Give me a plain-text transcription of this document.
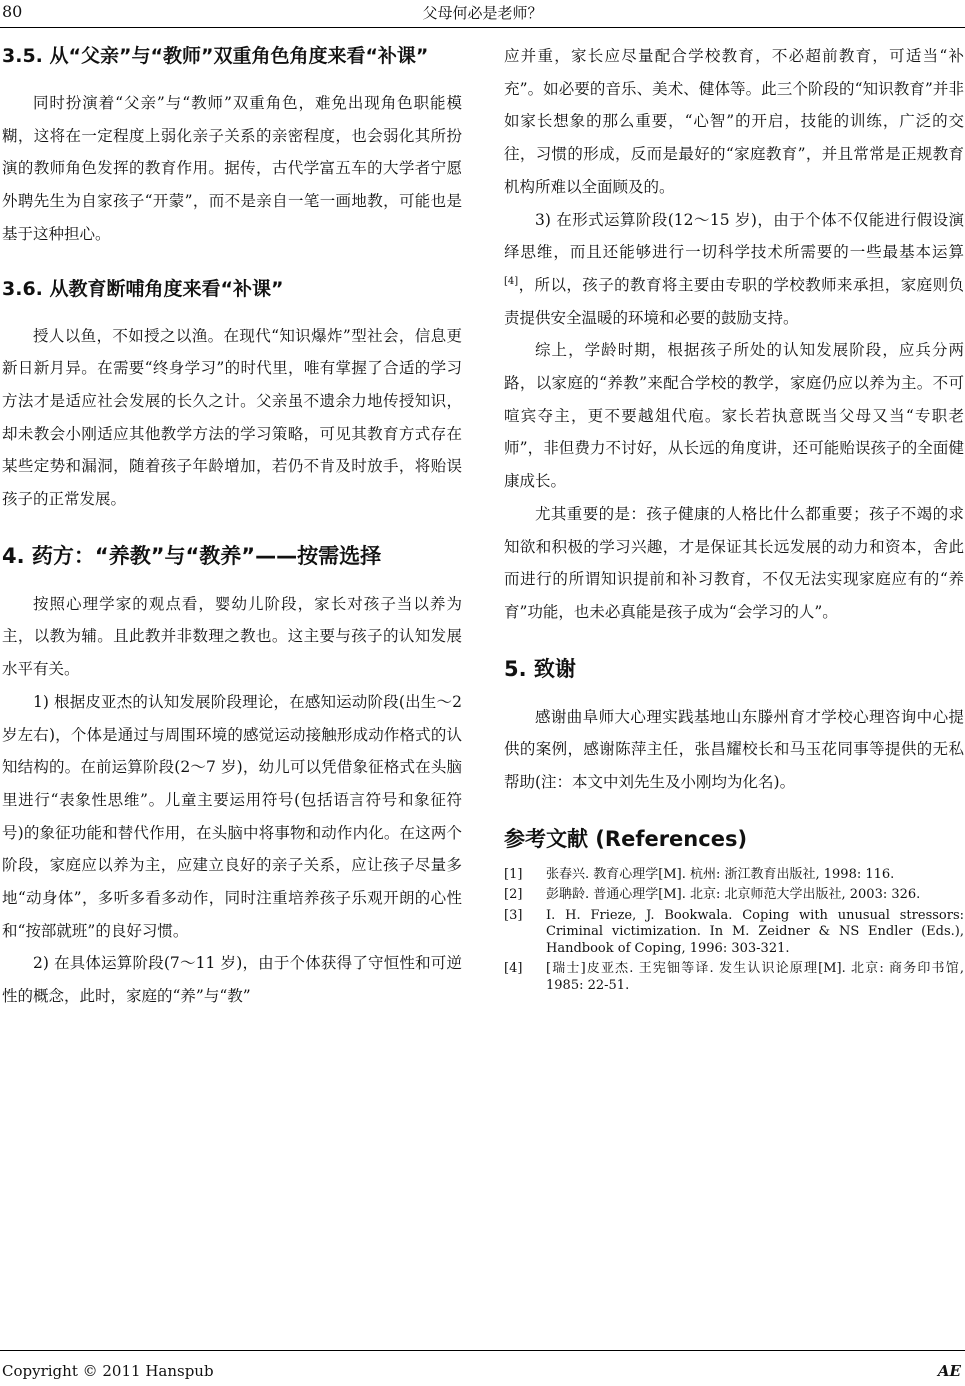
80	父母何必是老师？
3.5. 从“父亲”与“教师”双重角色角度来看“补课”

同时扮演着“父亲”与“教师”双重角色，难免出现角色职能模糊，这将在一定程度上弱化亲子关系的亲密程度，也会弱化其所扮演的教师角色发挥的教育作用。据传，古代学富五车的大学者宁愿外聘先生为自家孩子“开蒙”，而不是亲自一笔一画地教，可能也是基于这种担心。

3.6. 从教育断哺角度来看“补课”

授人以鱼，不如授之以渔。在现代“知识爆炸”型社会，信息更新日新月异。在需要“终身学习”的时代里，唯有掌握了合适的学习方法才是适应社会发展的长久之计。父亲虽不遗余力地传授知识，却未教会小刚适应其他教学方法的学习策略，可见其教育方式存在某些定势和漏洞，随着孩子年龄增加，若仍不肯及时放手，将贻误孩子的正常发展。

4. 药方：“养教”与“教养”——按需选择

按照心理学家的观点看，婴幼儿阶段，家长对孩子当以养为主，以教为辅。且此教并非数理之教也。这主要与孩子的认知发展水平有关。

1) 根据皮亚杰的认知发展阶段理论，在感知运动阶段(出生～2 岁左右)，个体是通过与周围环境的感觉运动接触形成动作格式的认知结构的。在前运算阶段(2～7 岁)，幼儿可以凭借象征格式在头脑里进行“表象性思维”。儿童主要运用符号(包括语言符号和象征符号)的象征功能和替代作用，在头脑中将事物和动作内化。在这两个阶段，家庭应以养为主，应建立良好的亲子关系，应让孩子尽量多地“动身体”，多听多看多动作，同时注重培养孩子乐观开朗的心性和“按部就班”的良好习惯。

2) 在具体运算阶段(7～11 岁)，由于个体获得了守恒性和可逆性的概念，此时，家庭的“养”与“教”

应并重，家长应尽量配合学校教育，不必超前教育，可适当“补充”。如必要的音乐、美术、健体等。此三个阶段的“知识教育”并非如家长想象的那么重要，“心智”的开启，技能的训练，广泛的交往，习惯的形成，反而是最好的“家庭教育”，并且常常是正规教育机构所难以全面顾及的。

3) 在形式运算阶段(12～15 岁)，由于个体不仅能进行假设演绎思维，而且还能够进行一切科学技术所需要的一些最基本运算[4]，所以，孩子的教育将主要由专职的学校教师来承担，家庭则负责提供安全温暖的环境和必要的鼓励支持。

综上，学龄时期，根据孩子所处的认知发展阶段，应兵分两路，以家庭的“养教”来配合学校的教学，家庭仍应以养为主。不可喧宾夺主，更不要越俎代庖。家长若执意既当父母又当“专职老师”，非但费力不讨好，从长远的角度讲，还可能贻误孩子的全面健康成长。

尤其重要的是：孩子健康的人格比什么都重要；孩子不竭的求知欲和积极的学习兴趣，才是保证其长远发展的动力和资本，舍此而进行的所谓知识提前和补习教育，不仅无法实现家庭应有的“养育”功能，也未必真能是孩子成为“会学习的人”。

5. 致谢

感谢曲阜师大心理实践基地山东滕州育才学校心理咨询中心提供的案例，感谢陈萍主任，张昌耀校长和马玉花同事等提供的无私帮助(注：本文中刘先生及小刚均为化名)。

参考文献 (References)
[1] 张春兴. 教育心理学[M]. 杭州: 浙江教育出版社, 1998: 116.
[2] 彭聃龄. 普通心理学[M]. 北京: 北京师范大学出版社, 2003: 326.
[3] I. H. Frieze, J. Bookwala. Coping with unusual stressors: Criminal victimization. In M. Zeidner & NS Endler (Eds.), Handbook of Coping, 1996: 303-321.
[4] [瑞士]皮亚杰. 王宪钿等译. 发生认识论原理[M]. 北京: 商务印书馆, 1985: 22-51.
Copyright © 2011 Hanspub	AE
